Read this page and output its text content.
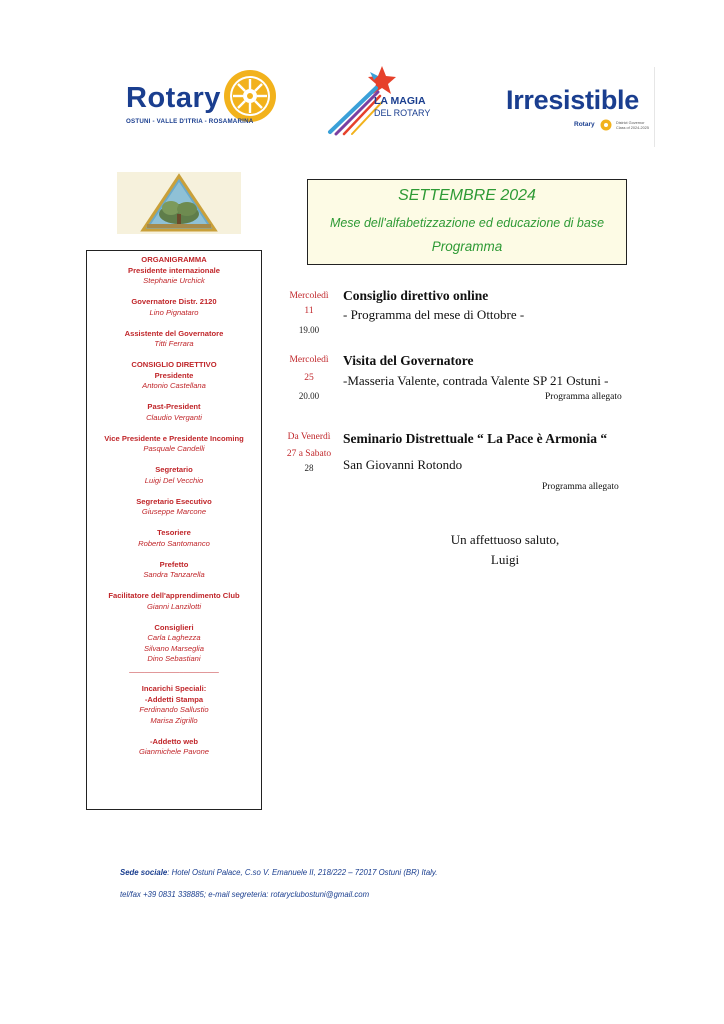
Rotary
OSTUNI - VALLE D'ITRIA - ROSAMARINA
LA MAGIA
DEL ROTARY	Irresistible
Rotary	District Governor Class of 2024-2025
ORGANIGRAMMA
Presidente internazionale
Stephanie Urchick
Governatore Distr. 2120
Lino Pignataro
Assistente del Governatore
Titti Ferrara
CONSIGLIO DIRETTIVO
Presidente
Antonio Castellana
Past-President
Claudio Verganti
Vice Presidente e Presidente Incoming
Pasquale Candelli
Segretario
Luigi Del Vecchio
Segretario Esecutivo
Giuseppe Marcone
Tesoriere
Roberto Santomanco
Prefetto
Sandra Tanzarella
Facilitatore dell'apprendimento Club
Gianni Lanzilotti
Consiglieri
Carla Laghezza
Silvano Marseglia
Dino Sebastiani
_______________________
Incarichi Speciali:
-Addetti Stampa
Ferdinando Sallustio
Marisa Zigrillo
-Addetto web
Gianmichele Pavone
SETTEMBRE 2024
Mese dell'alfabetizzazione ed educazione di base
Programma
Mercoledì
11
19.00
Consiglio direttivo online
- Programma del mese di Ottobre -
Mercoledì
25
20.00
Visita del Governatore
-Masseria Valente, contrada Valente SP 21 Ostuni -
Programma allegato
Da Venerdì
27 a Sabato
28
Seminario Distrettuale “ La Pace è Armonia “
San Giovanni Rotondo
Programma allegato
Un affettuoso saluto,
Luigi
Sede sociale: Hotel Ostuni Palace, C.so V. Emanuele II, 218/222 – 72017 Ostuni (BR) Italy.
tel/fax +39 0831 338885; e-mail segreteria: rotaryclubostuni@gmail.com
